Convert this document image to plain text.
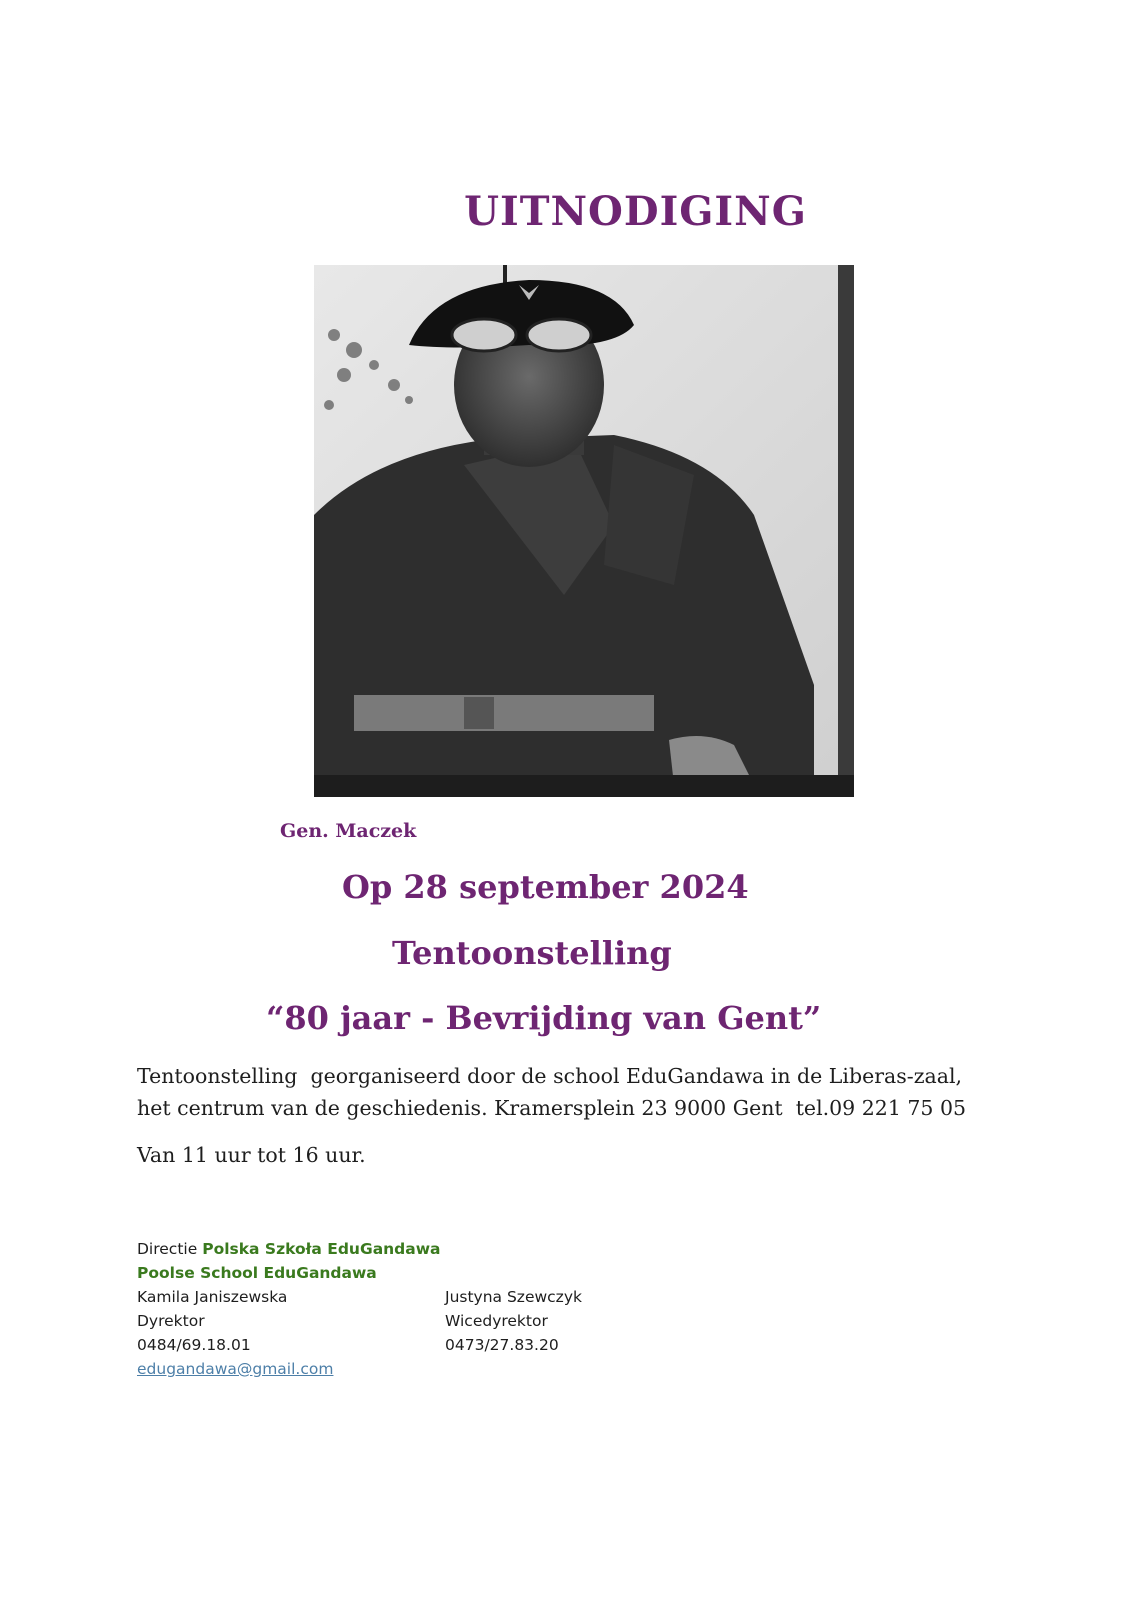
UITNODIGING
Gen. Maczek
Op 28 september 2024
Tentoonstelling
“80 jaar - Bevrijding van Gent”
Tentoonstelling  georganiseerd door de school EduGandawa in de Liberas-zaal,
het centrum van de geschiedenis. Kramersplein 23 9000 Gent  tel.09 221 75 05
Van 11 uur tot 16 uur.
Directie Polska Szkoła EduGandawa
Poolse School EduGandawa
Kamila Janiszewska
Dyrektor
0484/69.18.01
edugandawa@gmail.com
Justyna Szewczyk
Wicedyrektor
0473/27.83.20
